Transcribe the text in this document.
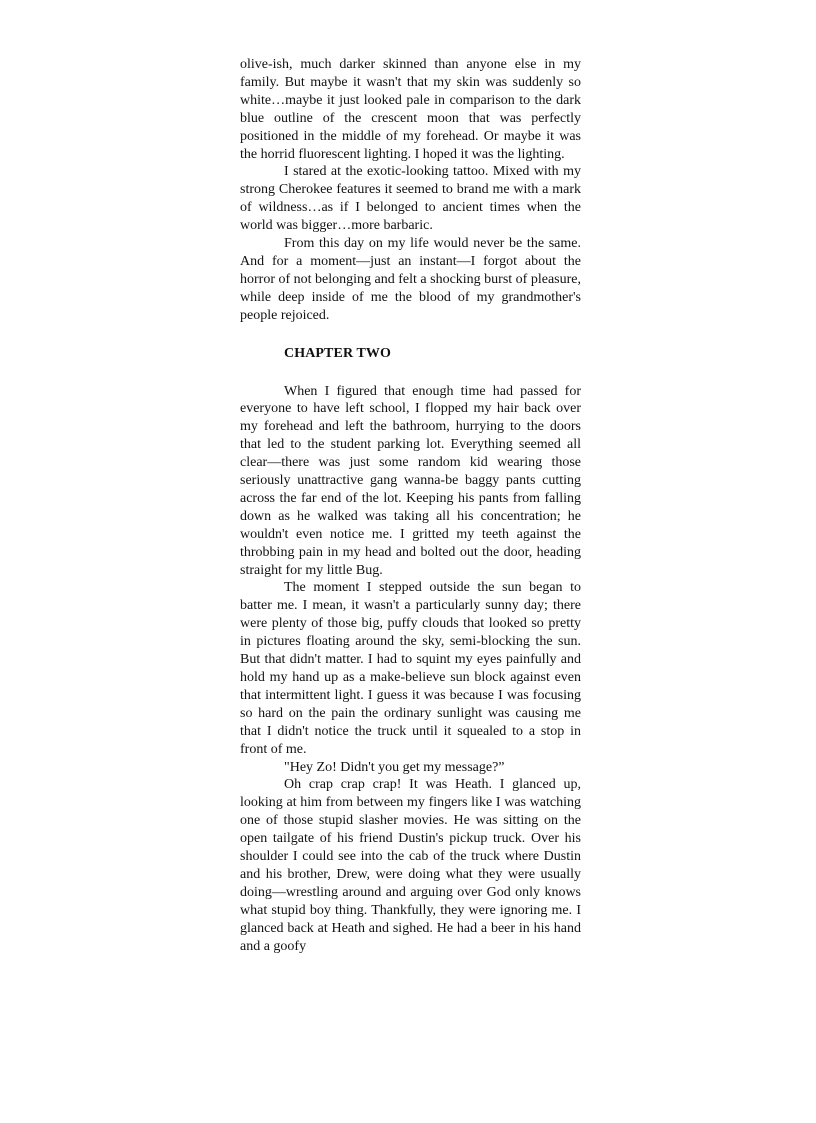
olive-ish, much darker skinned than anyone else in my family. But maybe it wasn't that my skin was suddenly so white…maybe it just looked pale in comparison to the dark blue outline of the crescent moon that was perfectly positioned in the middle of my forehead. Or maybe it was the horrid fluorescent lighting. I hoped it was the lighting.

I stared at the exotic-looking tattoo. Mixed with my strong Cherokee features it seemed to brand me with a mark of wildness…as if I belonged to ancient times when the world was bigger…more barbaric.

From this day on my life would never be the same. And for a moment—just an instant—I forgot about the horror of not belonging and felt a shocking burst of pleasure, while deep inside of me the blood of my grandmother's people rejoiced.

CHAPTER TWO

When I figured that enough time had passed for everyone to have left school, I flopped my hair back over my forehead and left the bathroom, hurrying to the doors that led to the student parking lot. Everything seemed all clear—there was just some random kid wearing those seriously unattractive gang wanna-be baggy pants cutting across the far end of the lot. Keeping his pants from falling down as he walked was taking all his concentration; he wouldn't even notice me. I gritted my teeth against the throbbing pain in my head and bolted out the door, heading straight for my little Bug.

The moment I stepped outside the sun began to batter me. I mean, it wasn't a particularly sunny day; there were plenty of those big, puffy clouds that looked so pretty in pictures floating around the sky, semi-blocking the sun. But that didn't matter. I had to squint my eyes painfully and hold my hand up as a make-believe sun block against even that intermittent light. I guess it was because I was focusing so hard on the pain the ordinary sunlight was causing me that I didn't notice the truck until it squealed to a stop in front of me.

"Hey Zo! Didn't you get my message?”

Oh crap crap crap! It was Heath. I glanced up, looking at him from between my fingers like I was watching one of those stupid slasher movies. He was sitting on the open tailgate of his friend Dustin's pickup truck. Over his shoulder I could see into the cab of the truck where Dustin and his brother, Drew, were doing what they were usually doing—wrestling around and arguing over God only knows what stupid boy thing. Thankfully, they were ignoring me. I glanced back at Heath and sighed. He had a beer in his hand and a goofy
